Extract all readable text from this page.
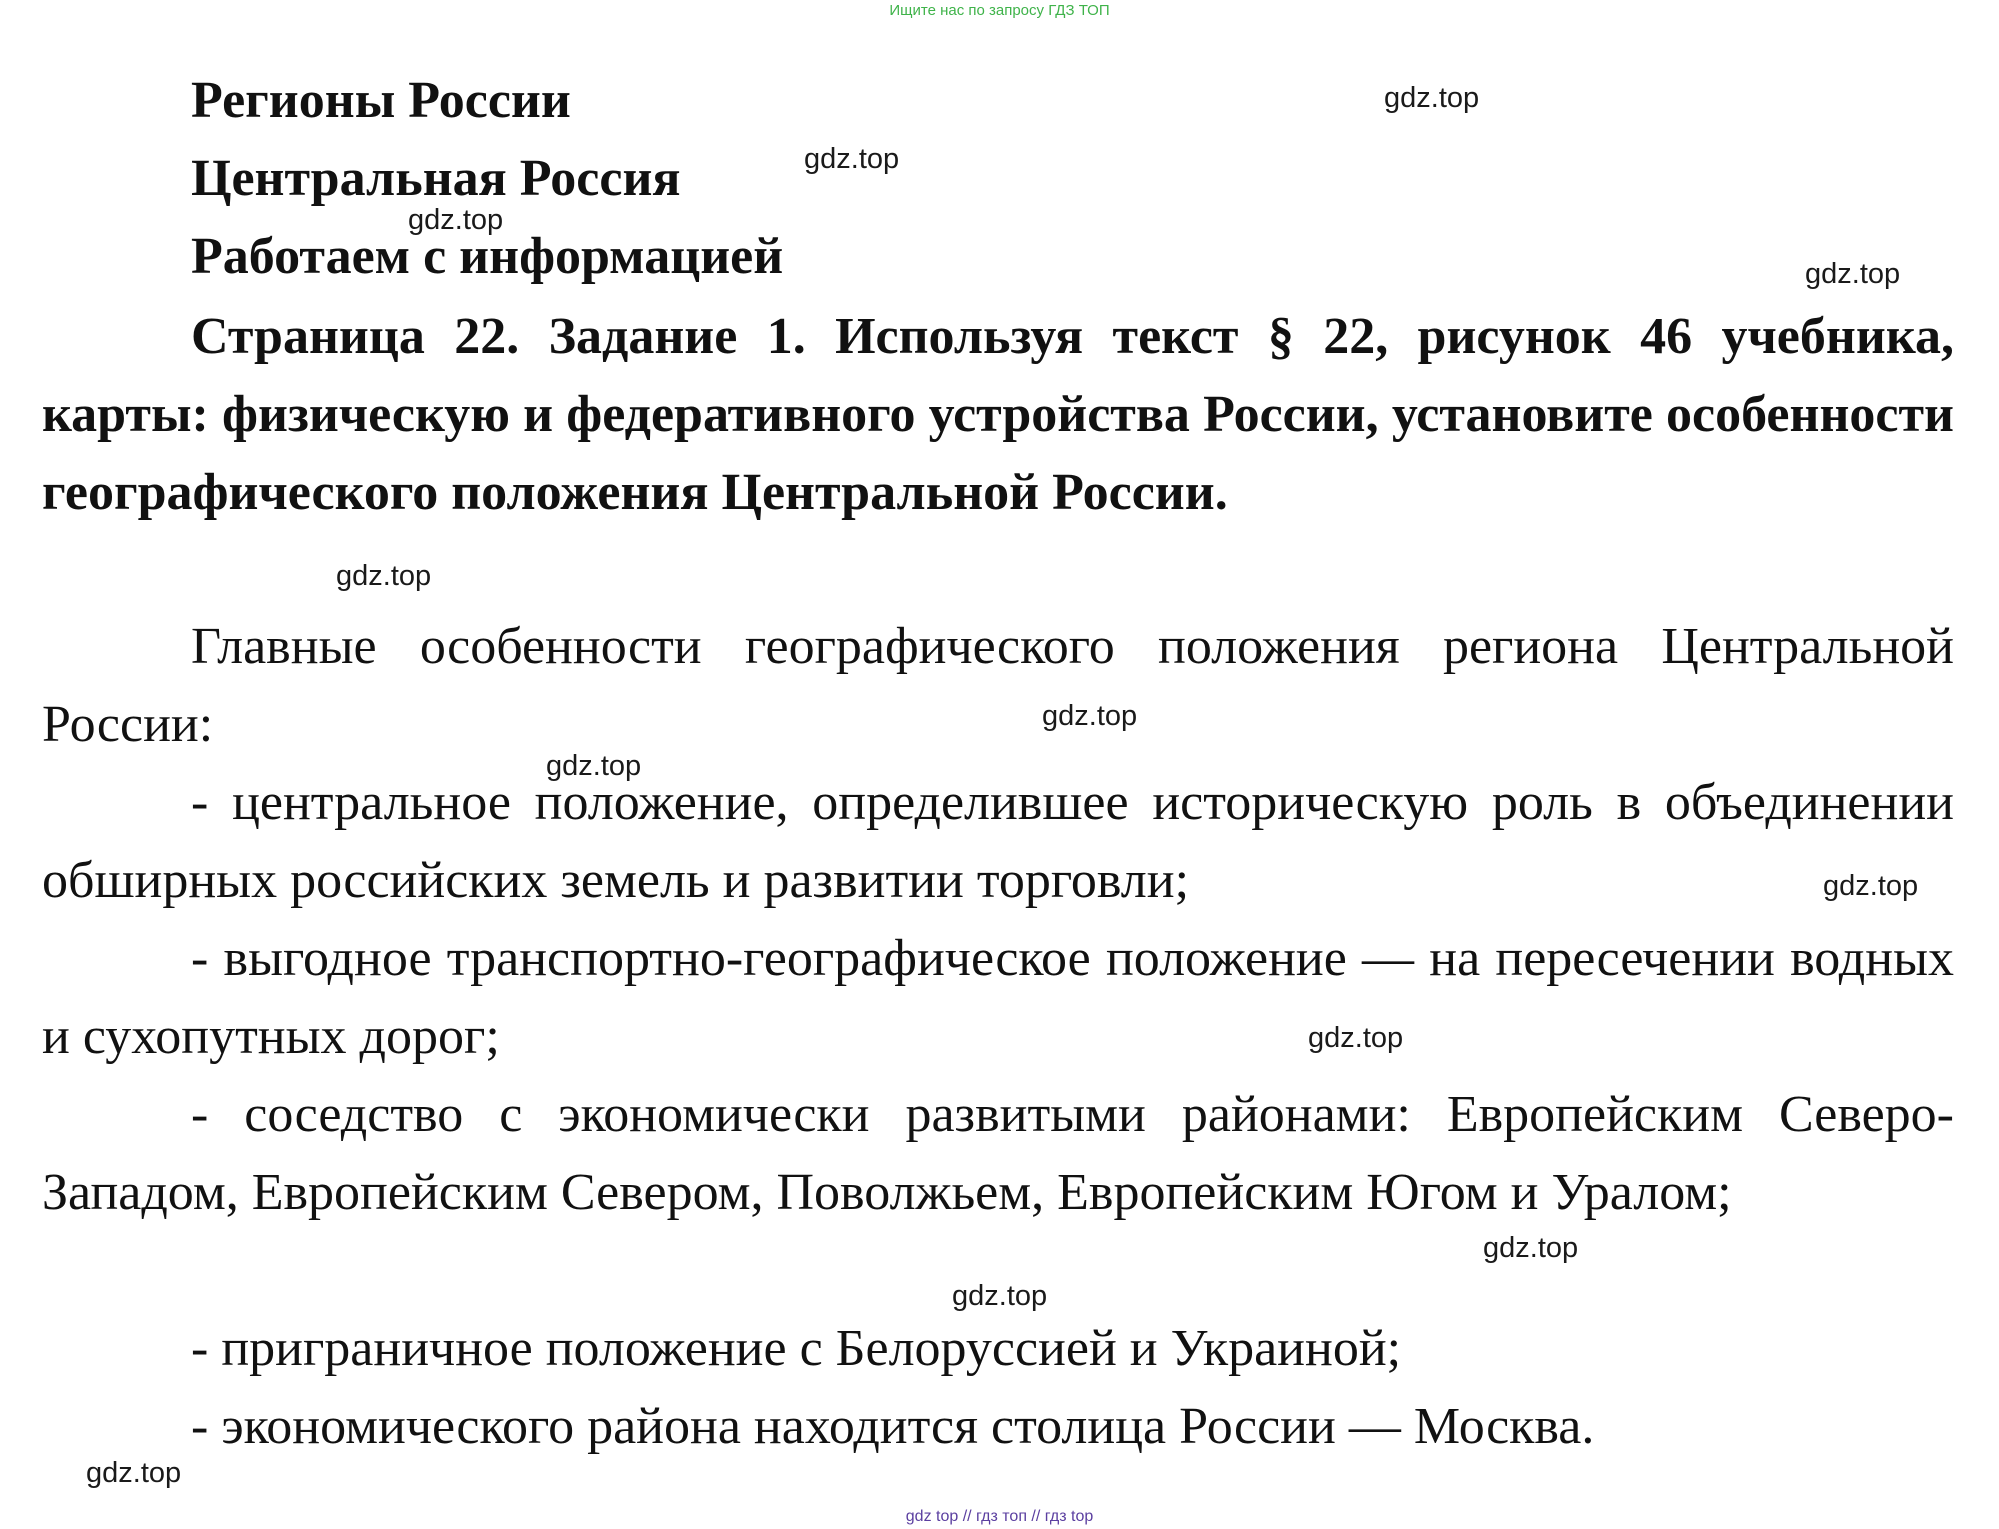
Ищите нас по запросу ГДЗ ТОП
Регионы России
Центральная Россия
Работаем с информацией
Страница 22. Задание 1. Используя текст § 22, рисунок 46 учебника, карты: физическую и федеративного устройства России, установите особенности географического положения Центральной России.
Главные особенности географического положения региона Центральной России:
- центральное положение, определившее историческую роль в объединении обширных российских земель и развитии торговли;
- выгодное транспортно-географическое положение — на пересечении водных и сухопутных дорог;
- соседство с экономически развитыми районами: Европейским Северо-Западом, Европейским Севером, Поволжьем, Европейским Югом и Уралом;
- приграничное положение с Белоруссией и Украиной;
- экономического района находится столица России — Москва.
gdz.top
gdz.top
gdz.top
gdz.top
gdz.top
gdz.top
gdz.top
gdz.top
gdz.top
gdz.top
gdz.top
gdz.top
gdz top // гдз топ // гдз top
